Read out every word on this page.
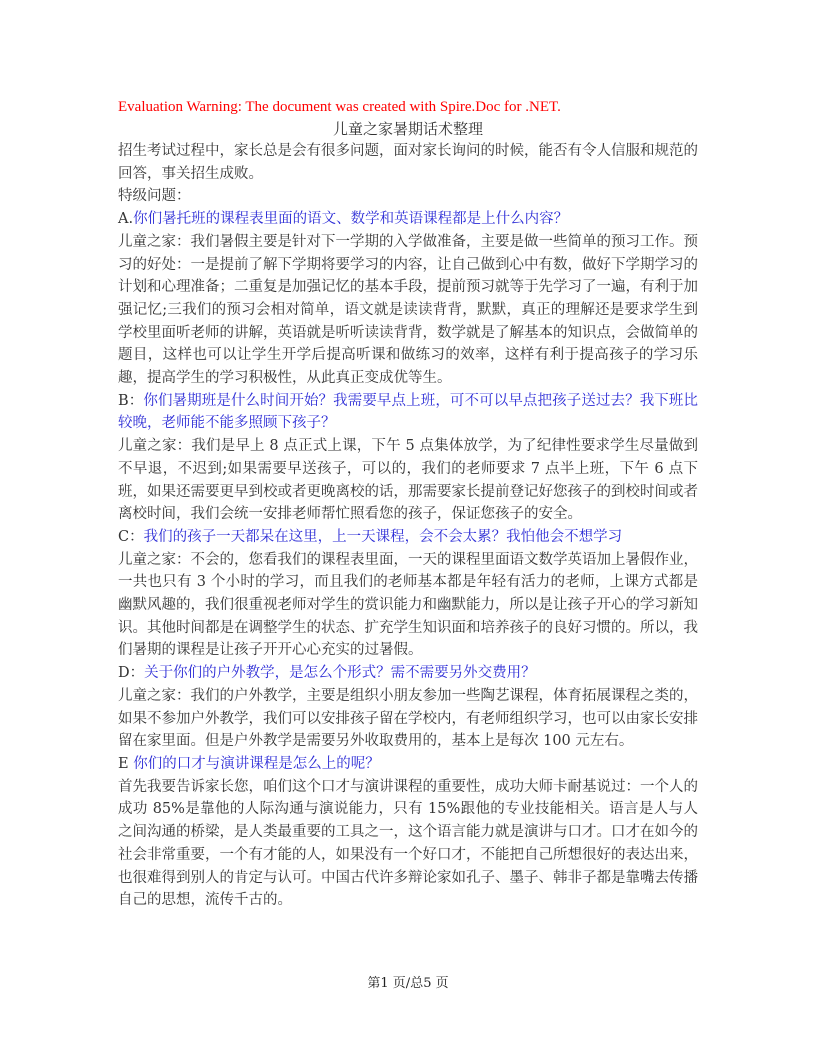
Evaluation Warning: The document was created with Spire.Doc for .NET.
儿童之家暑期话术整理

招生考试过程中，家长总是会有很多问题，面对家长询问的时候，能否有令人信服和规范的回答，事关招生成败。

特级问题：

A.你们暑托班的课程表里面的语文、数学和英语课程都是上什么内容？

儿童之家：我们暑假主要是针对下一学期的入学做准备，主要是做一些简单的预习工作。预习的好处：一是提前了解下学期将要学习的内容，让自己做到心中有数，做好下学期学习的计划和心理准备；二重复是加强记忆的基本手段，提前预习就等于先学习了一遍，有利于加强记忆;三我们的预习会相对简单，语文就是读读背背，默默，真正的理解还是要求学生到学校里面听老师的讲解，英语就是听听读读背背，数学就是了解基本的知识点，会做简单的题目，这样也可以让学生开学后提高听课和做练习的效率，这样有利于提高孩子的学习乐趣，提高学生的学习积极性，从此真正变成优等生。

B：你们暑期班是什么时间开始？我需要早点上班，可不可以早点把孩子送过去？我下班比较晚，老师能不能多照顾下孩子？

儿童之家：我们是早上 8 点正式上课，下午 5 点集体放学，为了纪律性要求学生尽量做到不早退，不迟到;如果需要早送孩子，可以的，我们的老师要求 7 点半上班，下午 6 点下班，如果还需要更早到校或者更晚离校的话，那需要家长提前登记好您孩子的到校时间或者离校时间，我们会统一安排老师帮忙照看您的孩子，保证您孩子的安全。

C：我们的孩子一天都呆在这里，上一天课程，会不会太累？我怕他会不想学习

儿童之家：不会的，您看我们的课程表里面，一天的课程里面语文数学英语加上暑假作业，一共也只有 3 个小时的学习，而且我们的老师基本都是年轻有活力的老师，上课方式都是幽默风趣的，我们很重视老师对学生的赏识能力和幽默能力，所以是让孩子开心的学习新知识。其他时间都是在调整学生的状态、扩充学生知识面和培养孩子的良好习惯的。所以，我们暑期的课程是让孩子开开心心充实的过暑假。

D：关于你们的户外教学，是怎么个形式？需不需要另外交费用？

儿童之家：我们的户外教学，主要是组织小朋友参加一些陶艺课程，体育拓展课程之类的，如果不参加户外教学，我们可以安排孩子留在学校内，有老师组织学习，也可以由家长安排留在家里面。但是户外教学是需要另外收取费用的，基本上是每次 100 元左右。

E 你们的口才与演讲课程是怎么上的呢？

首先我要告诉家长您，咱们这个口才与演讲课程的重要性，成功大师卡耐基说过：一个人的成功 85%是靠他的人际沟通与演说能力，只有 15%跟他的专业技能相关。语言是人与人之间沟通的桥梁，是人类最重要的工具之一，这个语言能力就是演讲与口才。口才在如今的社会非常重要，一个有才能的人，如果没有一个好口才，不能把自己所想很好的表达出来，也很难得到别人的肯定与认可。中国古代许多辩论家如孔子、墨子、韩非子都是靠嘴去传播自己的思想，流传千古的。

第1 页/总5 页
